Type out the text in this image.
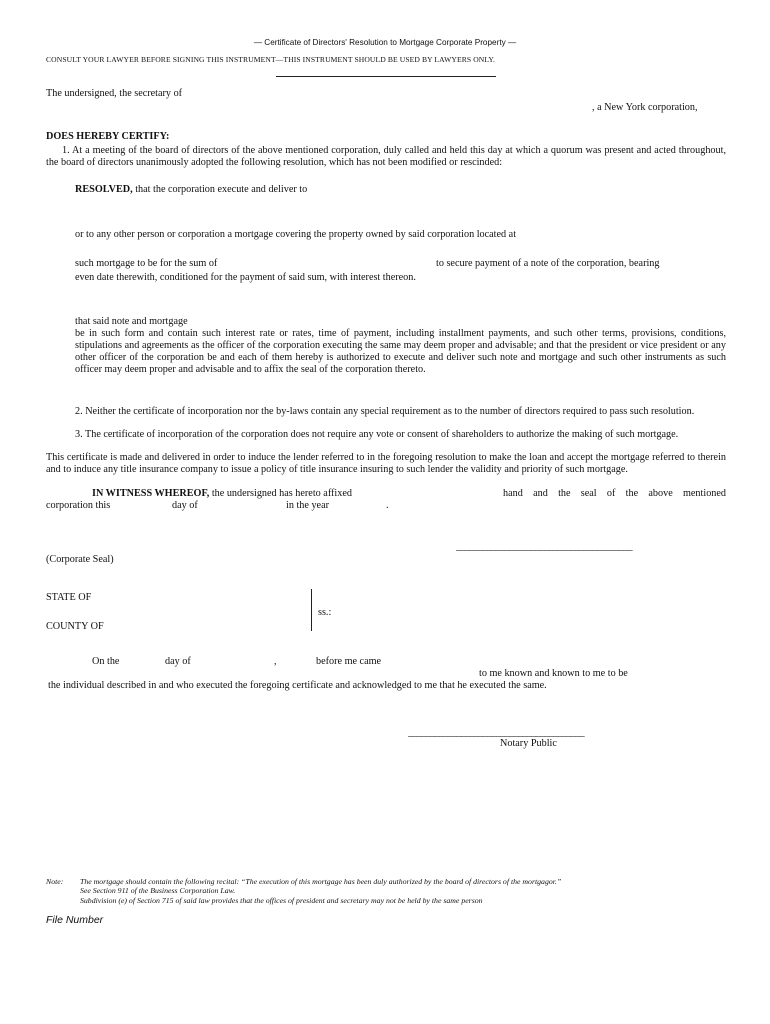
— Certificate of Directors' Resolution to Mortgage Corporate Property —
CONSULT YOUR LAWYER BEFORE SIGNING THIS INSTRUMENT—THIS INSTRUMENT SHOULD BE USED BY LAWYERS ONLY.
The undersigned, the secretary of
, a New York corporation,
DOES HEREBY CERTIFY:
1. At a meeting of the board of directors of the above mentioned corporation, duly called and held this day at which a quorum was present and acted throughout, the board of directors unanimously adopted the following resolution, which has not been modified or rescinded:
RESOLVED, that the corporation execute and deliver to
or to any other person or corporation a mortgage covering the property owned by said corporation located at
such mortgage to be for the sum of	to secure payment of a note of the corporation, bearing
even date therewith, conditioned for the payment of said sum, with interest thereon.
that said note and mortgage
be in such form and contain such interest rate or rates, time of payment, including installment payments, and such other terms, provisions, conditions, stipulations and agreements as the officer of the corporation executing the same may deem proper and advisable; and that the president or vice president or any other officer of the corporation be and each of them hereby is authorized to execute and deliver such note and mortgage and such other instruments as such officer may deem proper and advisable and to affix the seal of the corporation thereto.
2. Neither the certificate of incorporation nor the by-laws contain any special requirement as to the number of directors required to pass such resolution.
3. The certificate of incorporation of the corporation does not require any vote or consent of shareholders to authorize the making of such mortgage.
This certificate is made and delivered in order to induce the lender referred to in the foregoing resolution to make the loan and accept the mortgage referred to therein and to induce any title insurance company to issue a policy of title insurance insuring to such lender the validity and priority of such mortgage.
IN WITNESS WHEREOF, the undersigned has hereto affixed	hand and the seal of the above mentioned
corporation this	day of	in the year	.
________________________________________
(Corporate Seal)
STATE OF
ss.:
COUNTY OF
On the	day of	,	before me came
to me known and known to me to be
the individual described in and who executed the foregoing certificate and acknowledged to me that he executed the same.
________________________________________
Notary Public
Note: The mortgage should contain the following recital: “The execution of this mortgage has been duly authorized by the board of directors of the mortgagor.”
See Section 911 of the Business Corporation Law.
Subdivision (e) of Section 715 of said law provides that the offices of president and secretary may not be held by the same person
File Number
